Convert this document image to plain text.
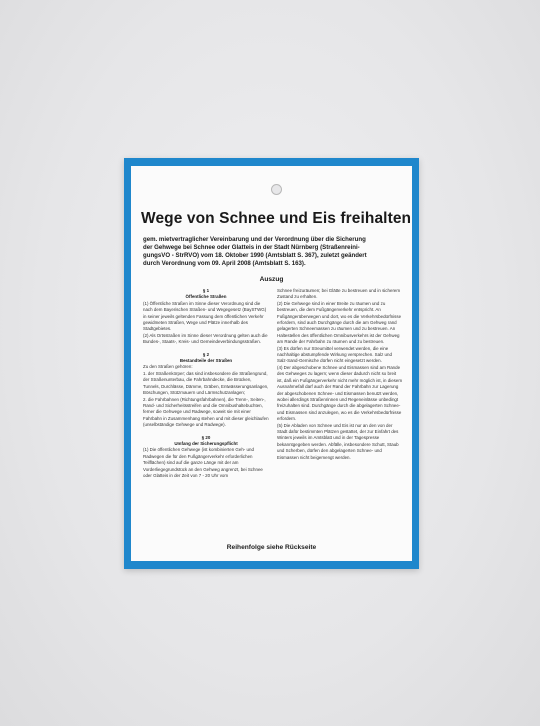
Wege von Schnee und Eis freihalten
gem. mietvertraglicher Vereinbarung und der Verordnung über die Sicherung
der Gehwege bei Schnee oder Glatteis in der Stadt Nürnberg (Straßenreini-
gungsVO - StrRVO) vom 18. Oktober 1990 (Amtsblatt S. 367), zuletzt geändert
durch Verordnung vom 09. April 2008 (Amtsblatt S. 163).
Auszug

§ 1

Öffentliche Straßen

(1) Öffentliche Straßen im Sinne dieser Verordnung sind die nach dem Bayerischen Straßen- und Wegegesetz (BaySTWG) in seiner jeweils geltenden Fassung dem öffentlichen Verkehr gewidmeten Straßen, Wege und Plätze innerhalb des Stadtgebietes.

(2) Als Ortsstraßen im Sinne dieser Verordnung gelten auch die Bundes-, Staats-, Kreis- und Gemeindeverbindungsstraßen.

§ 2

Bestandteile der Straßen

Zu den Straßen gehören:

1. der Straßenkörper; das sind insbesondere die Straßengrund, der Straßenunterbau, die Fahrbahndecke, die Brücken, Tunnels, Durchlässe, Dämme, Gräben, Entwässerungsanlagen, Böschungen, Stützmauern und Lärmschutzanlagen;

2. die Fahrbahnen (Richtungsfahrbahnen), die Trenn-, Seiten-, Rand- und Sicherheitsstreifen und die Omnibushaltebuchten, ferner die Gehwege und Radwege, soweit sie mit einer Fahrbahn in Zusammenhang stehen und mit dieser gleichlaufen (unselbständige Gehwege und Radwege).

§ 20

Umfang der Sicherungspflicht

(1) Die öffentlichen Gehwege (ist kombinierten Geh- und Radwegen die für den Fußgängerverkehr erforderlichen Teilflächen) sind auf die ganze Länge mit der am Vorderliegegrundstück an den Gehweg angrenzt, bei Schnee oder Glatteis in der Zeit von 7 - 20 Uhr vom

Schnee freizuräumen; bei Glätte zu bestreuen und in sicherem Zustand zu erhalten.

(2) Die Gehwege sind in einer Breite zu räumen und zu bestreuen, die dem Fußgängerverkehr entspricht. An Fußgängerüberwegen und dort, wo es die Verkehrsbedürfnisse erfordern, sind auch Durchgänge durch die am Gehweg rand gelagerten Schneemassen zu räumen und zu bestreuen. An Haltestellen des öffentlichen Omnibusverkehrs ist der Gehweg am Rande der Fahrbahn zu räumen und zu bestreuen.

(3) Es dürfen nur Streumittel verwendet werden, die eine nachhaltige abstumpfende Wirkung versprechen. Salz und Salz-Sand-Gemische dürfen nicht eingesetzt werden.

(4) Der abgeschobene Schnee und Eismassen sind am Rande des Gehweges zu lagern; wenn dieser dadurch nicht so breit ist, daß ein Fußgängerverkehr nicht mehr möglich ist, in diesem Ausnahmefall darf auch der Rand der Fahrbahn zur Lagerung der abgeschobenen Schnee- und Eismassen benutzt werden, wobei allerdings Straßenrinnen und Regeneinlässe unbedingt freizuhalten sind. Durchgänge durch die abgelagerten Schnee- und Eismassen sind anzulegen, wo es die Verkehrsbedürfnisse erfordern.

(5) Die Abladen von Schnee und Eis ist nur an den von der Stadt dafür bestimmten Plätzen gestattet, der zur Einfahrt des Winters jeweils im Amtsblatt und in der Tagespresse bekanntgegeben werden. Abfälle, insbesondere Schutt, Staub und Scherben, dürfen den abgelagerten Schnee- und Eismassen nicht beigemengt werden.

Reihenfolge siehe Rückseite
